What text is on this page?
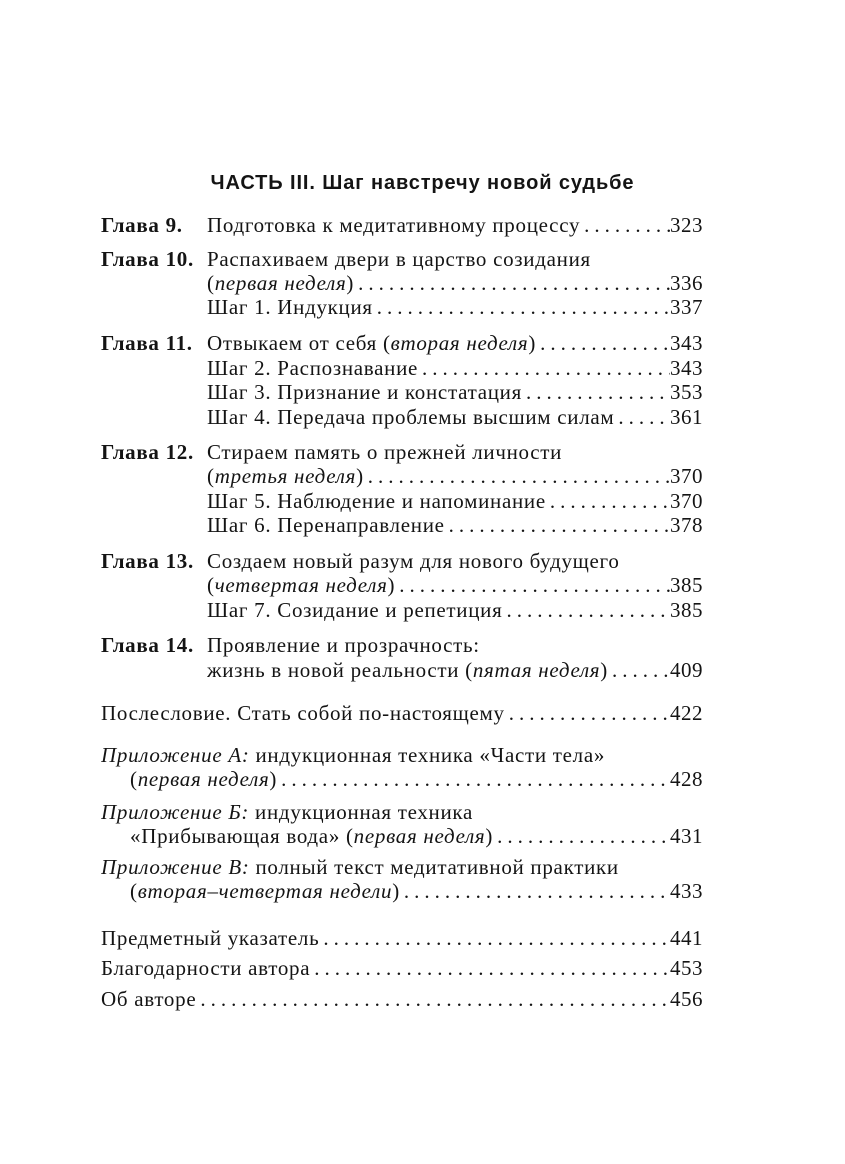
ЧАСТЬ III. Шаг навстречу новой судьбе
Глава 9. Подготовка к медитативному процессу .....	323
Глава 10. Распахиваем двери в царство созидания
(первая неделя) .....	336
Шаг 1. Индукция .....	337
Глава 11. Отвыкаем от себя (вторая неделя) .....	343
Шаг 2. Распознавание .....	343
Шаг 3. Признание и констатация .....	353
Шаг 4. Передача проблемы высшим силам .....	361
Глава 12. Стираем память о прежней личности
(третья неделя) .....	370
Шаг 5. Наблюдение и напоминание .....	370
Шаг 6. Перенаправление .....	378
Глава 13. Создаем новый разум для нового будущего
(четвертая неделя) .....	385
Шаг 7. Созидание и репетиция .....	385
Глава 14. Проявление и прозрачность:
жизнь в новой реальности (пятая неделя) .....	409
Послесловие. Стать собой по-настоящему .....	422
Приложение А: индукционная техника «Части тела»
(первая неделя) .....	428
Приложение Б: индукционная техника
«Прибывающая вода» (первая неделя) .....	431
Приложение В: полный текст медитативной практики
(вторая–четвертая недели) .....	433
Предметный указатель .....	441
Благодарности автора .....	453
Об авторе .....	456
